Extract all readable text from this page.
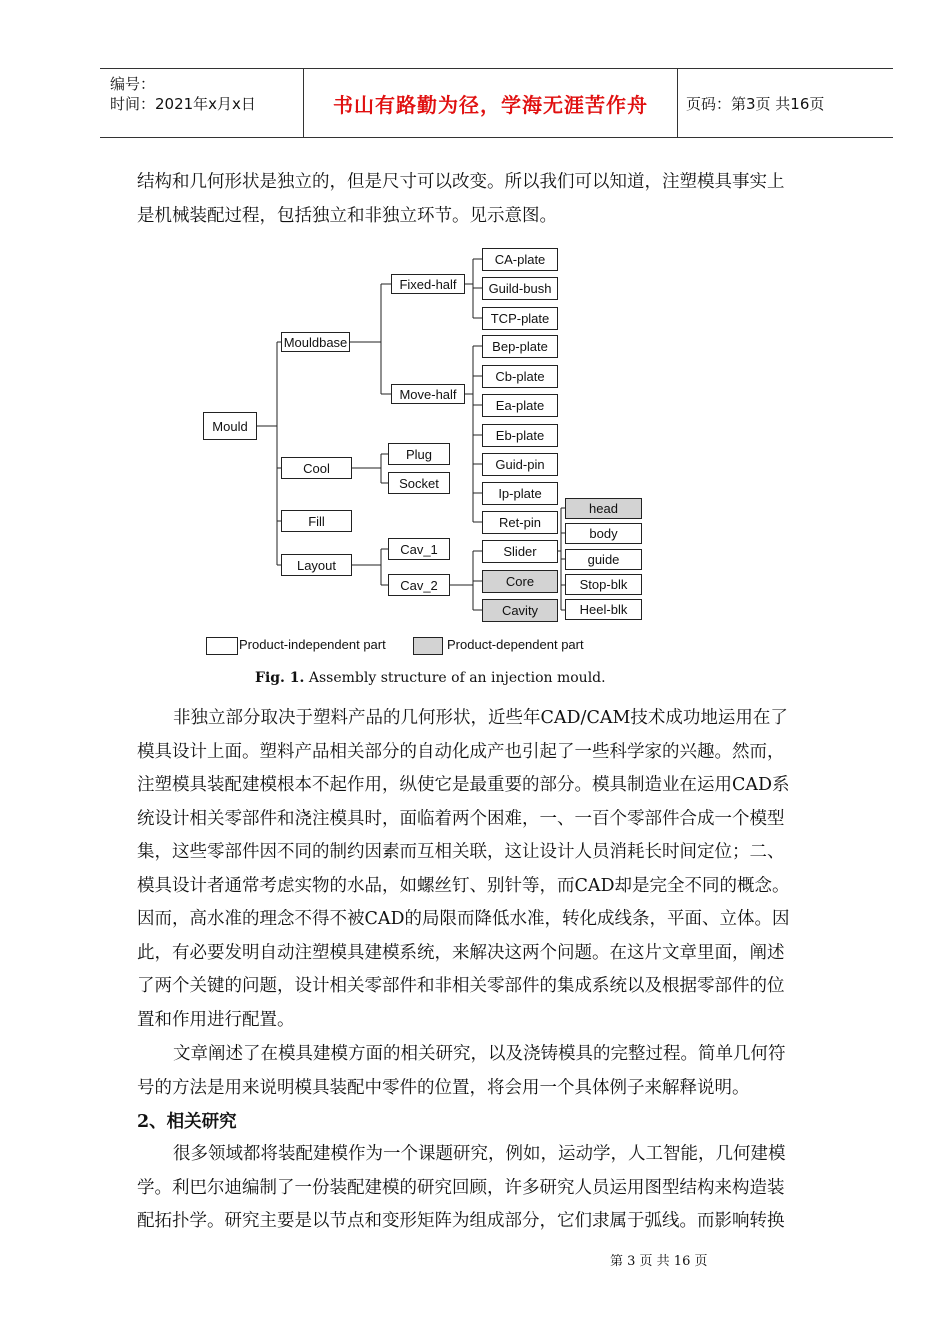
编号：
时间：2021年x月x日	书山有路勤为径，学海无涯苦作舟	页码：第3页 共16页

结构和几何形状是独立的，但是尺寸可以改变。所以我们可以知道，注塑模具事实上
是机械装配过程，包括独立和非独立环节。见示意图。

Mould
Mouldbase
Cool
Fill
Layout
Fixed-half
Move-half
Plug
Socket
Cav_1
Cav_2
CA-plate
Guild-bush
TCP-plate
Bep-plate
Cb-plate
Ea-plate
Eb-plate
Guid-pin
Ip-plate
Ret-pin
Slider
Core
Cavity
head
body
guide
Stop-blk
Heel-blk
Product-independent part	Product-dependent part
Fig. 1. Assembly structure of an injection mould.

非独立部分取决于塑料产品的几何形状，近些年CAD/CAM技术成功地运用在了
模具设计上面。塑料产品相关部分的自动化成产也引起了一些科学家的兴趣。然而，
注塑模具装配建模根本不起作用，纵使它是最重要的部分。模具制造业在运用CAD系
统设计相关零部件和浇注模具时，面临着两个困难，一、一百个零部件合成一个模型
集，这些零部件因不同的制约因素而互相关联，这让设计人员消耗长时间定位；二、
模具设计者通常考虑实物的水品，如螺丝钉、别针等，而CAD却是完全不同的概念。
因而，高水准的理念不得不被CAD的局限而降低水准，转化成线条，平面、立体。因
此，有必要发明自动注塑模具建模系统，来解决这两个问题。在这片文章里面，阐述
了两个关键的问题，设计相关零部件和非相关零部件的集成系统以及根据零部件的位
置和作用进行配置。

文章阐述了在模具建模方面的相关研究，以及浇铸模具的完整过程。简单几何符
号的方法是用来说明模具装配中零件的位置，将会用一个具体例子来解释说明。

2、相关研究

很多领域都将装配建模作为一个课题研究，例如，运动学，人工智能，几何建模
学。利巴尔迪编制了一份装配建模的研究回顾，许多研究人员运用图型结构来构造装
配拓扑学。研究主要是以节点和变形矩阵为组成部分，它们隶属于弧线。而影响转换

第 3 页 共 16 页
